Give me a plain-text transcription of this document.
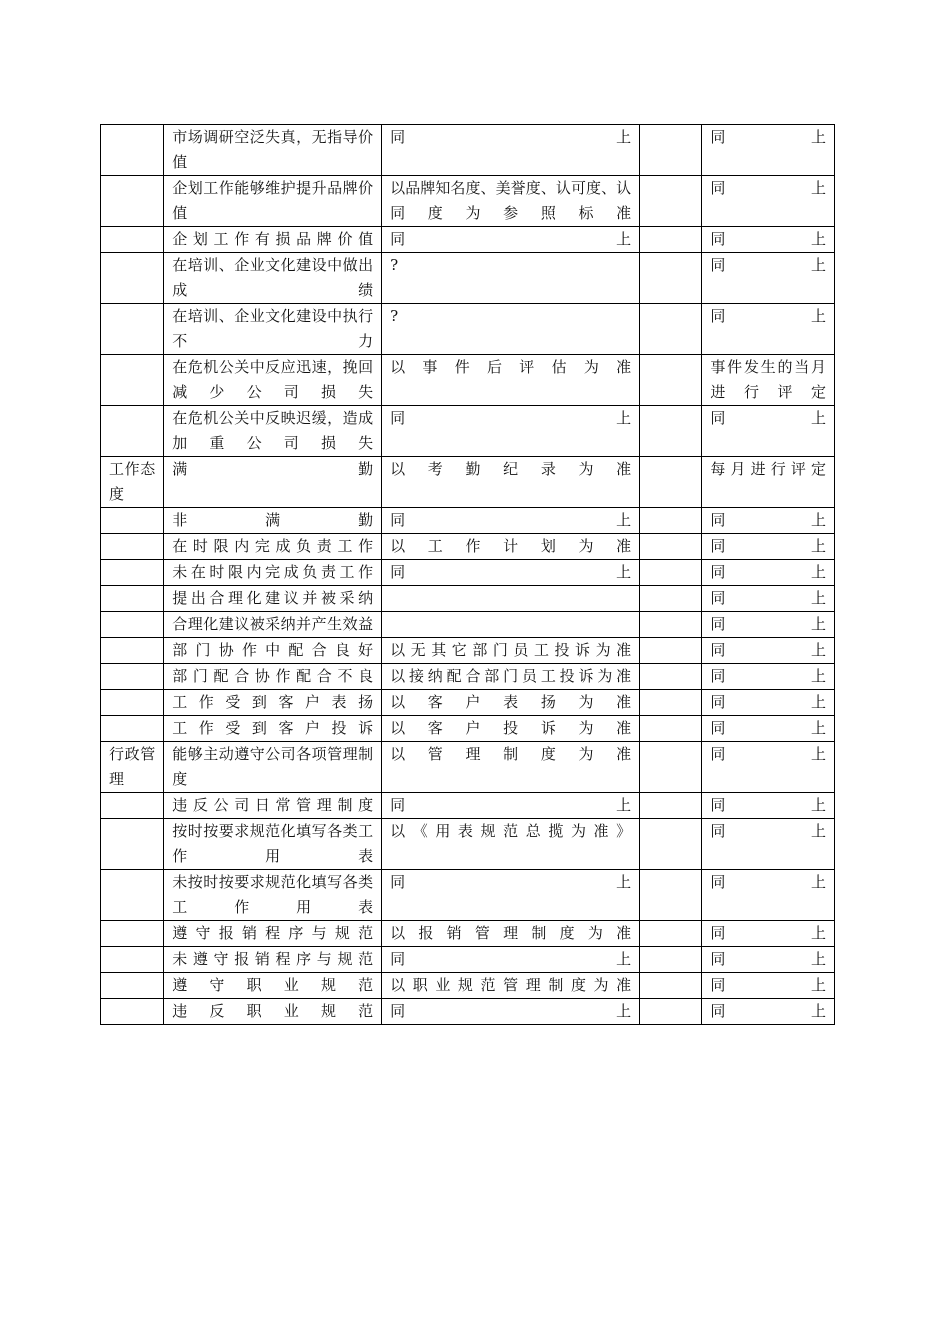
	市场调研空泛失真，无指导价值	同上		同上
	企划工作能够维护提升品牌价值	以品牌知名度、美誉度、认可度、认同度为参照标准		同上
	企划工作有损品牌价值	同上		同上
	在培训、企业文化建设中做出成绩	?		同上
	在培训、企业文化建设中执行不力	?		同上
	在危机公关中反应迅速，挽回减少公司损失	以事件后评估为准		事件发生的当月进行评定
	在危机公关中反映迟缓，造成加重公司损失	同上		同上
工作态度	满勤	以考勤纪录为准		每月进行评定
	非满勤	同上		同上
	在时限内完成负责工作	以工作计划为准		同上
	未在时限内完成负责工作	同上		同上
	提出合理化建议并被采纳			同上
	合理化建议被采纳并产生效益			同上
	部门协作中配合良好	以无其它部门员工投诉为准		同上
	部门配合协作配合不良	以接纳配合部门员工投诉为准		同上
	工作受到客户表扬	以客户表扬为准		同上
	工作受到客户投诉	以客户投诉为准		同上
行政管理	能够主动遵守公司各项管理制度	以管理制度为准		同上
	违反公司日常管理制度	同上		同上
	按时按要求规范化填写各类工作用表	以《用表规范总揽为准》		同上
	未按时按要求规范化填写各类工作用表	同上		同上
	遵守报销程序与规范	以报销管理制度为准		同上
	未遵守报销程序与规范	同上		同上
	遵守职业规范	以职业规范管理制度为准		同上
	违反职业规范	同上		同上
